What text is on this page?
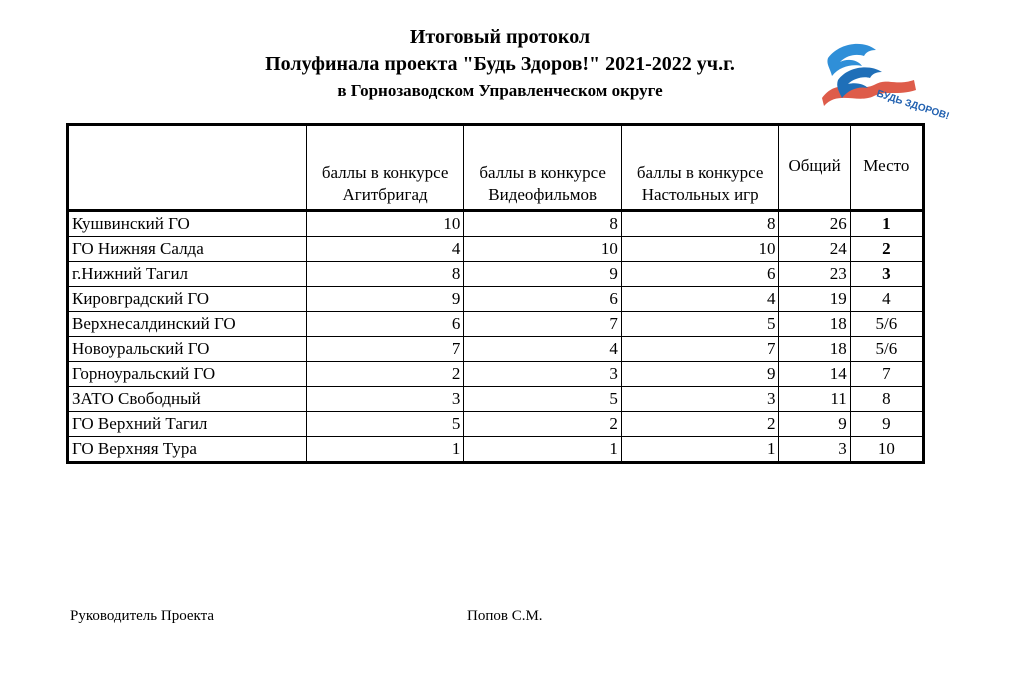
Итоговый протокол
Полуфинала проекта "Будь Здоров!" 2021-2022 уч.г.
в Горнозаводском Управленческом округе	БУДЬ ЗДОРОВ!
	баллы в конкурсе Агитбригад	баллы в конкурсе Видеофильмов	баллы в конкурсе Настольных игр	Общий	Место
Кушвинский ГО	10	8	8	26	1
ГО Нижняя Салда	4	10	10	24	2
г.Нижний Тагил	8	9	6	23	3
Кировградский ГО	9	6	4	19	4
Верхнесалдинский ГО	6	7	5	18	5/6
Новоуральский ГО	7	4	7	18	5/6
Горноуральский ГО	2	3	9	14	7
ЗАТО Свободный	3	5	3	11	8
ГО Верхний Тагил	5	2	2	9	9
ГО Верхняя Тура	1	1	1	3	10
Руководитель Проекта	Попов С.М.
